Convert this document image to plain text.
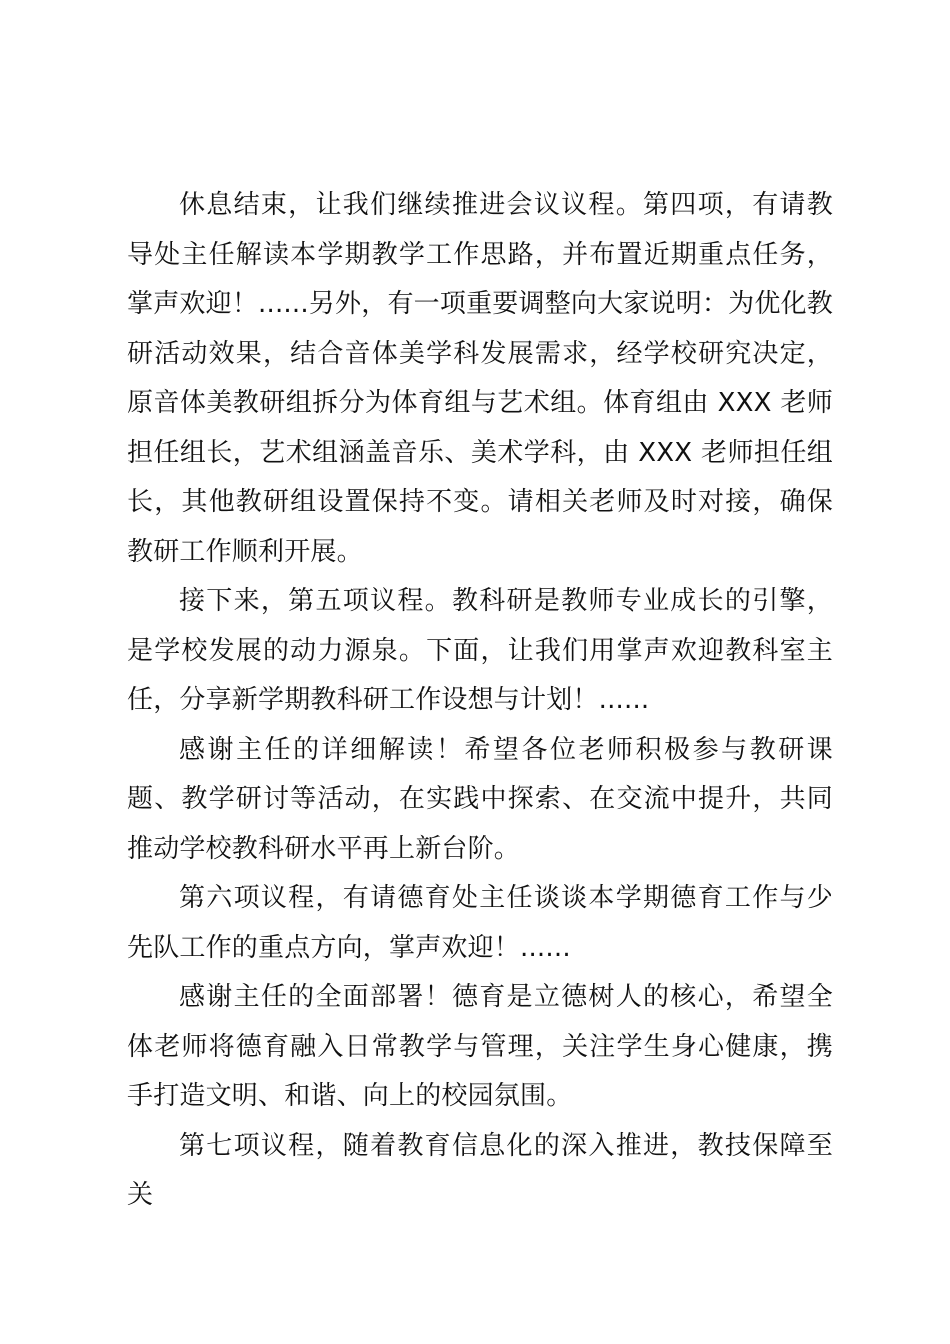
休息结束，让我们继续推进会议议程。第四项，有请教导处主任解读本学期教学工作思路，并布置近期重点任务，掌声欢迎！......另外，有一项重要调整向大家说明：为优化教研活动效果，结合音体美学科发展需求，经学校研究决定，原音体美教研组拆分为体育组与艺术组。体育组由 XXX 老师担任组长，艺术组涵盖音乐、美术学科，由 XXX 老师担任组长，其他教研组设置保持不变。请相关老师及时对接，确保教研工作顺利开展。

接下来，第五项议程。教科研是教师专业成长的引擎，是学校发展的动力源泉。下面，让我们用掌声欢迎教科室主任，分享新学期教科研工作设想与计划！......

感谢主任的详细解读！希望各位老师积极参与教研课题、教学研讨等活动，在实践中探索、在交流中提升，共同推动学校教科研水平再上新台阶。

第六项议程，有请德育处主任谈谈本学期德育工作与少先队工作的重点方向，掌声欢迎！......

感谢主任的全面部署！德育是立德树人的核心，希望全体老师将德育融入日常教学与管理，关注学生身心健康，携手打造文明、和谐、向上的校园氛围。

第七项议程，随着教育信息化的深入推进，教技保障至关
